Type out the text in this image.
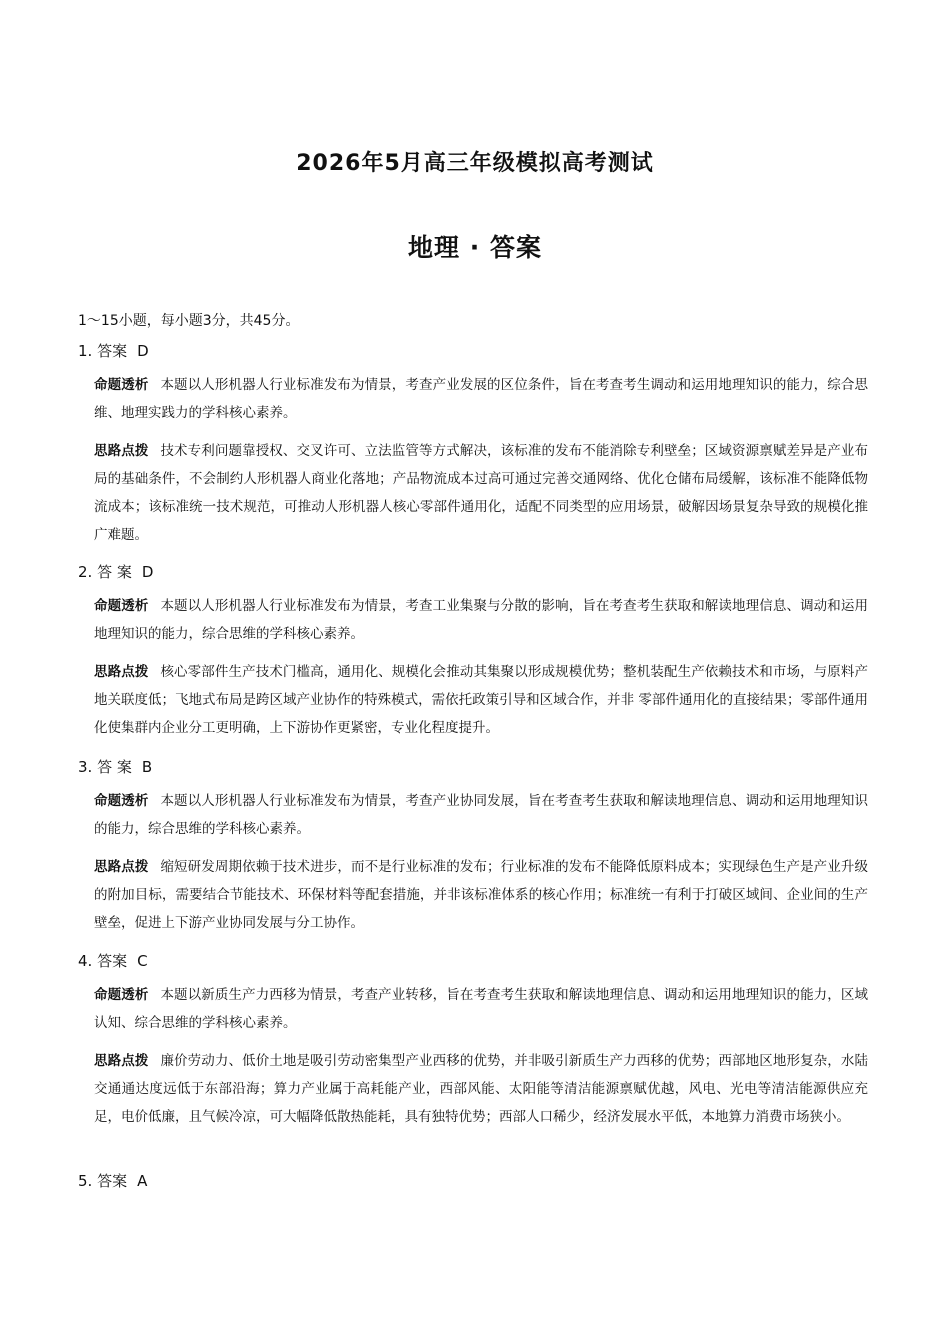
2026年5月高三年级模拟高考测试
地理 · 答案
1～15小题，每小题3分，共45分。
1. 答案 D
命题透析 本题以人形机器人行业标准发布为情景，考查产业发展的区位条件，旨在考查考生调动和运用地理知识的能力，综合思维、地理实践力的学科核心素养。
思路点拨 技术专利问题靠授权、交叉许可、立法监管等方式解决，该标准的发布不能消除专利壁垒；区域资源禀赋差异是产业布局的基础条件，不会制约人形机器人商业化落地；产品物流成本过高可通过完善交通网络、优化仓储布局缓解，该标准不能降低物流成本；该标准统一技术规范，可推动人形机器人核心零部件通用化，适配不同类型的应用场景，破解因场景复杂导致的规模化推广难题。
2. 答 案 D
命题透析 本题以人形机器人行业标准发布为情景，考查工业集聚与分散的影响，旨在考查考生获取和解读地理信息、调动和运用地理知识的能力，综合思维的学科核心素养。
思路点拨 核心零部件生产技术门槛高，通用化、规模化会推动其集聚以形成规模优势；整机装配生产依赖技术和市场，与原料产地关联度低；飞地式布局是跨区域产业协作的特殊模式，需依托政策引导和区域合作，并非 零部件通用化的直接结果；零部件通用化使集群内企业分工更明确，上下游协作更紧密，专业化程度提升。
3. 答 案 B
命题透析 本题以人形机器人行业标准发布为情景，考查产业协同发展，旨在考查考生获取和解读地理信息、调动和运用地理知识的能力，综合思维的学科核心素养。
思路点拨 缩短研发周期依赖于技术进步，而不是行业标准的发布；行业标准的发布不能降低原料成本；实现绿色生产是产业升级的附加目标，需要结合节能技术、环保材料等配套措施，并非该标准体系的核心作用；标准统一有利于打破区域间、企业间的生产壁垒，促进上下游产业协同发展与分工协作。
4. 答案 C
命题透析 本题以新质生产力西移为情景，考查产业转移，旨在考查考生获取和解读地理信息、调动和运用地理知识的能力，区域认知、综合思维的学科核心素养。
思路点拨 廉价劳动力、低价土地是吸引劳动密集型产业西移的优势，并非吸引新质生产力西移的优势；西部地区地形复杂，水陆交通通达度远低于东部沿海；算力产业属于高耗能产业，西部风能、太阳能等清洁能源禀赋优越，风电、光电等清洁能源供应充足，电价低廉，且气候冷凉，可大幅降低散热能耗，具有独特优势；西部人口稀少，经济发展水平低，本地算力消费市场狭小。
5. 答案 A
